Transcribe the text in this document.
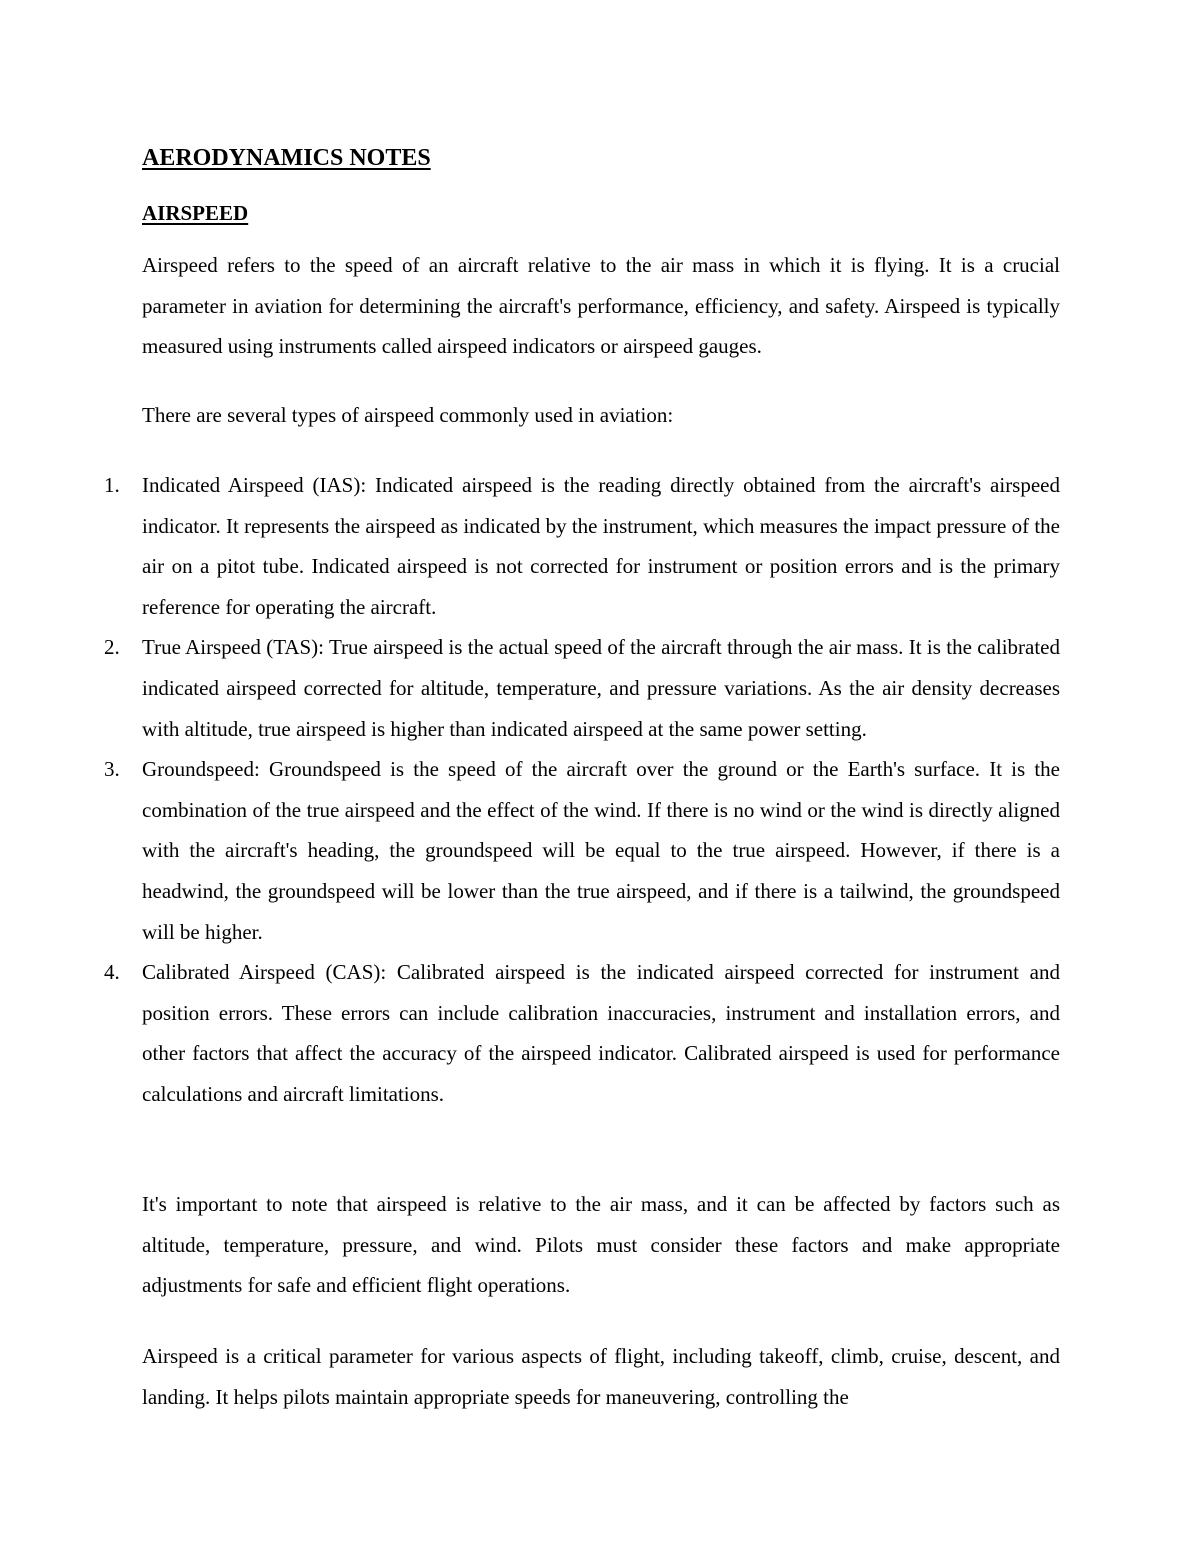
AERODYNAMICS NOTES
AIRSPEED

Airspeed refers to the speed of an aircraft relative to the air mass in which it is flying. It is a crucial parameter in aviation for determining the aircraft's performance, efficiency, and safety. Airspeed is typically measured using instruments called airspeed indicators or airspeed gauges.

There are several types of airspeed commonly used in aviation:

1. Indicated Airspeed (IAS): Indicated airspeed is the reading directly obtained from the aircraft's airspeed indicator. It represents the airspeed as indicated by the instrument, which measures the impact pressure of the air on a pitot tube. Indicated airspeed is not corrected for instrument or position errors and is the primary reference for operating the aircraft.
2. True Airspeed (TAS): True airspeed is the actual speed of the aircraft through the air mass. It is the calibrated indicated airspeed corrected for altitude, temperature, and pressure variations. As the air density decreases with altitude, true airspeed is higher than indicated airspeed at the same power setting.
3. Groundspeed: Groundspeed is the speed of the aircraft over the ground or the Earth's surface. It is the combination of the true airspeed and the effect of the wind. If there is no wind or the wind is directly aligned with the aircraft's heading, the groundspeed will be equal to the true airspeed. However, if there is a headwind, the groundspeed will be lower than the true airspeed, and if there is a tailwind, the groundspeed will be higher.
4. Calibrated Airspeed (CAS): Calibrated airspeed is the indicated airspeed corrected for instrument and position errors. These errors can include calibration inaccuracies, instrument and installation errors, and other factors that affect the accuracy of the airspeed indicator. Calibrated airspeed is used for performance calculations and aircraft limitations.

It's important to note that airspeed is relative to the air mass, and it can be affected by factors such as altitude, temperature, pressure, and wind. Pilots must consider these factors and make appropriate adjustments for safe and efficient flight operations.

Airspeed is a critical parameter for various aspects of flight, including takeoff, climb, cruise, descent, and landing. It helps pilots maintain appropriate speeds for maneuvering, controlling the
